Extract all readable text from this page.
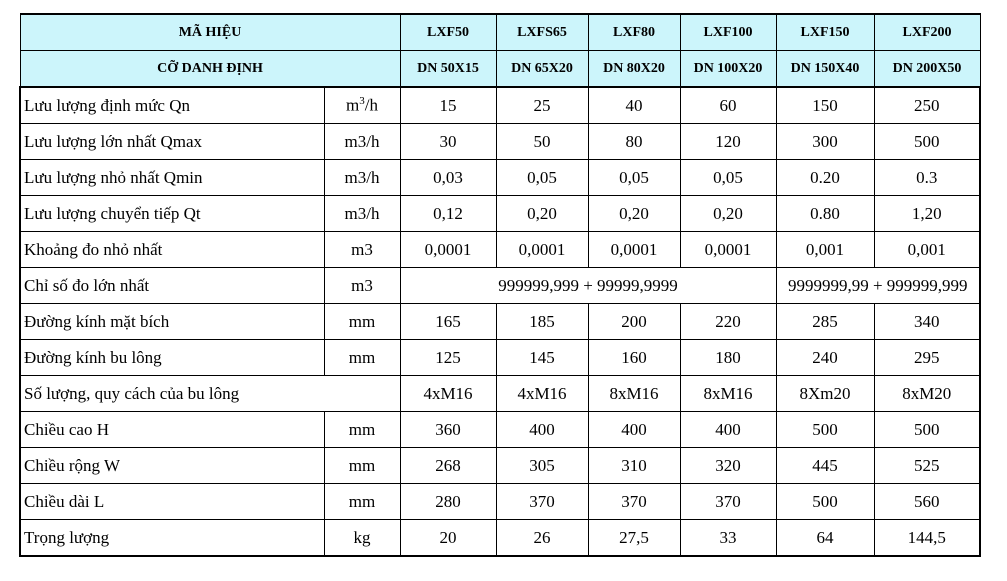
MÃ HIỆU		LXF50	LXFS65	LXF80	LXF100	LXF150	LXF200
CỠ DANH ĐỊNH		DN 50X15	DN 65X20	DN 80X20	DN 100X20	DN 150X40	DN 200X50
Lưu lượng định mức Qn	$m^3/h$	15	25	40	60	150	250
Lưu lượng lớn nhất Qmax	m3/h	30	50	80	120	300	500
Lưu lượng nhỏ nhất Qmin	m3/h	0,03	0,05	0,05	0,05	0.20	0.3
Lưu lượng chuyển tiếp Qt	m3/h	0,12	0,20	0,20	0,20	0.80	1,20
Khoảng đo nhỏ nhất	m3	0,0001	0,0001	0,0001	0,0001	0,001	0,001
Chỉ số đo lớn nhất	m3	999999,999 + 99999,9999				9999999,99 + 999999,999	
Đường kính mặt bích	mm	165	185	200	220	285	340
Đường kính bu lông	mm	125	145	160	180	240	295
Số lượng, quy cách của bu lông		4xM16	4xM16	8xM16	8xM16	8Xm20	8xM20
Chiều cao H	mm	360	400	400	400	500	500
Chiều rộng W	mm	268	305	310	320	445	525
Chiều dài L	mm	280	370	370	370	500	560
Trọng lượng	kg	20	26	27,5	33	64	144,5
